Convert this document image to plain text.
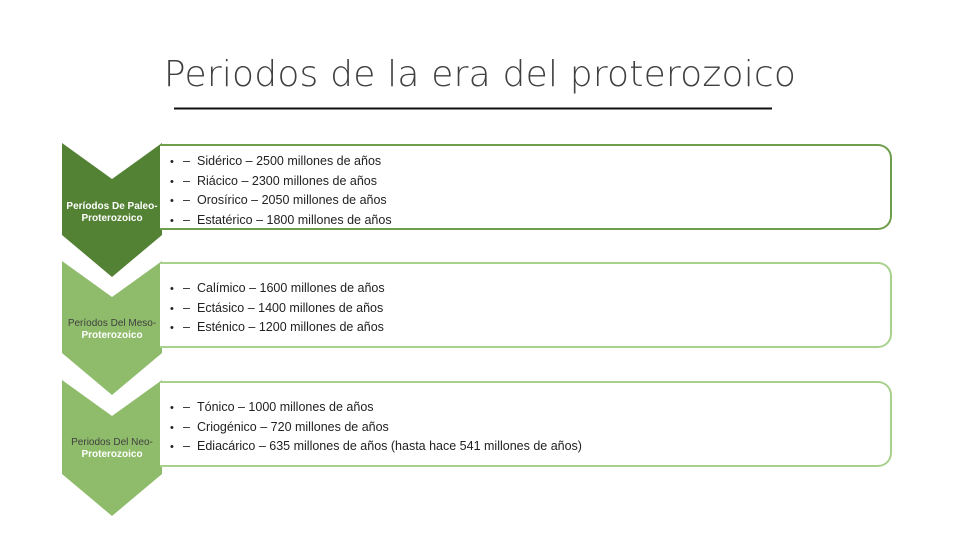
Periodos de la era del proterozoico
Períodos De Paleo-
Proterozoico
• – Sidérico – 2500 millones de años
• – Riácico – 2300 millones de años
• – Orosírico – 2050 millones de años
• – Estatérico – 1800 millones de años
Períodos Del Meso-
Proterozoico
• – Calímico – 1600 millones de años
• – Ectásico – 1400 millones de años
• – Esténico – 1200 millones de años
Periodos Del Neo-
Proterozoico
• – Tónico – 1000 millones de años
• – Criogénico – 720 millones de años
• – Ediacárico – 635 millones de años (hasta hace 541 millones de años)
